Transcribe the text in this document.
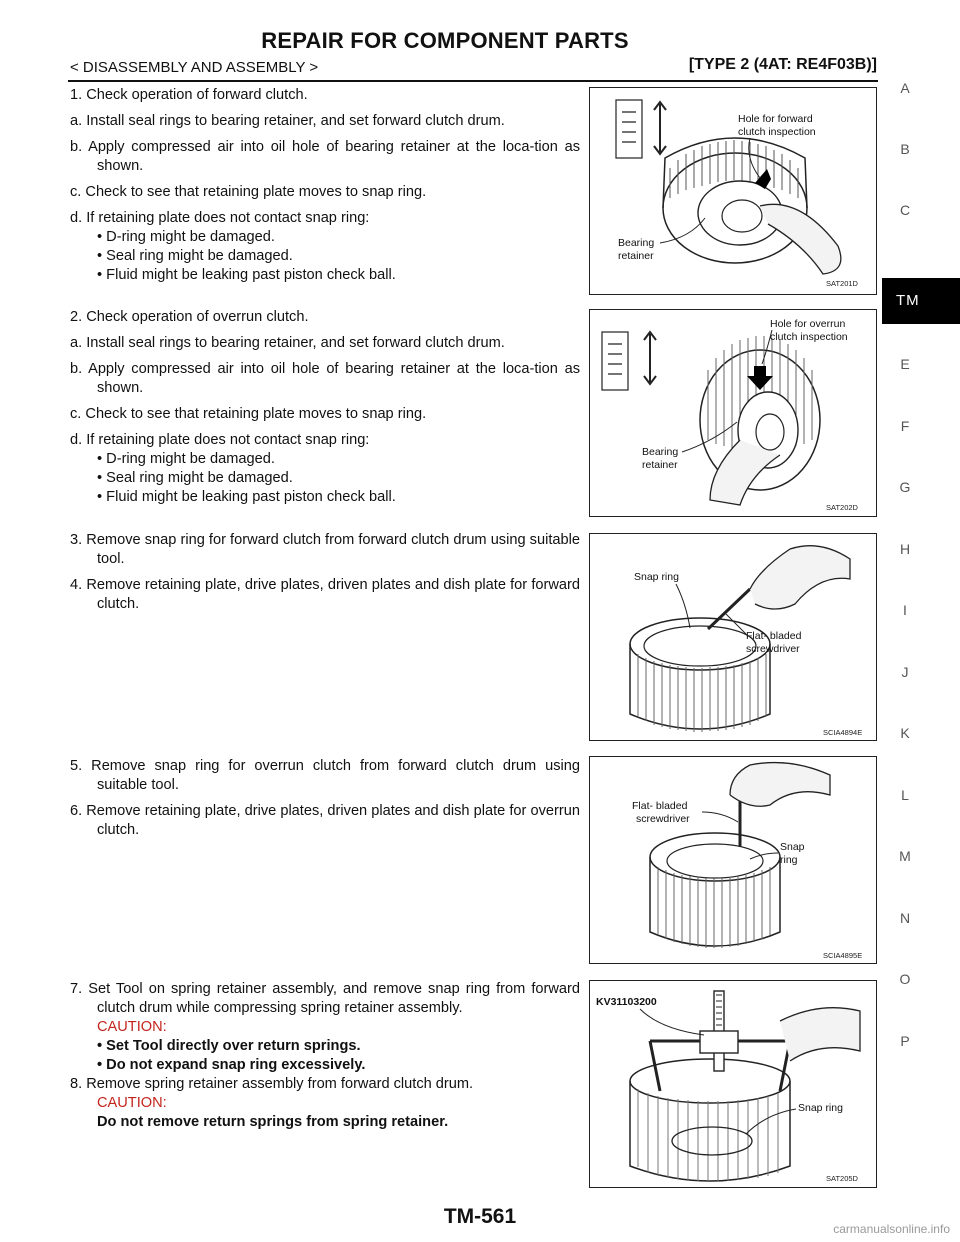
REPAIR FOR COMPONENT PARTS
< DISASSEMBLY AND ASSEMBLY >	[TYPE 2 (4AT: RE4F03B)]
A
B
C
TM
E
F
G
H
I
J
K
L
M
N
O
P

1. Check operation of forward clutch.

a. Install seal rings to bearing retainer, and set forward clutch drum.

b. Apply compressed air into oil hole of bearing retainer at the loca-tion as shown.

c. Check to see that retaining plate moves to snap ring.

d. If retaining plate does not contact snap ring:

• D-ring might be damaged.

• Seal ring might be damaged.

• Fluid might be leaking past piston check ball.

Hole for forward
clutch inspection
Bearing
retainer
SAT201D

2. Check operation of overrun clutch.

a. Install seal rings to bearing retainer, and set forward clutch drum.

b. Apply compressed air into oil hole of bearing retainer at the loca-tion as shown.

c. Check to see that retaining plate moves to snap ring.

d. If retaining plate does not contact snap ring:

• D-ring might be damaged.

• Seal ring might be damaged.

• Fluid might be leaking past piston check ball.

Hole for overrun
clutch inspection
Bearing
retainer
SAT202D

3. Remove snap ring for forward clutch from forward clutch drum using suitable tool.

4. Remove retaining plate, drive plates, driven plates and dish plate for forward clutch.

Snap ring
Flat- bladed
screwdriver
SCIA4894E

5. Remove snap ring for overrun clutch from forward clutch drum using suitable tool.

6. Remove retaining plate, drive plates, driven plates and dish plate for overrun clutch.

Flat- bladed
screwdriver
Snap
ring
SCIA4895E

7. Set Tool on spring retainer assembly, and remove snap ring from forward clutch drum while compressing spring retainer assembly.

CAUTION:

• Set Tool directly over return springs.

• Do not expand snap ring excessively.

8. Remove spring retainer assembly from forward clutch drum.

CAUTION:

Do not remove return springs from spring retainer.

KV31103200
Snap ring
SAT205D
TM-561
carmanualsonline.info
